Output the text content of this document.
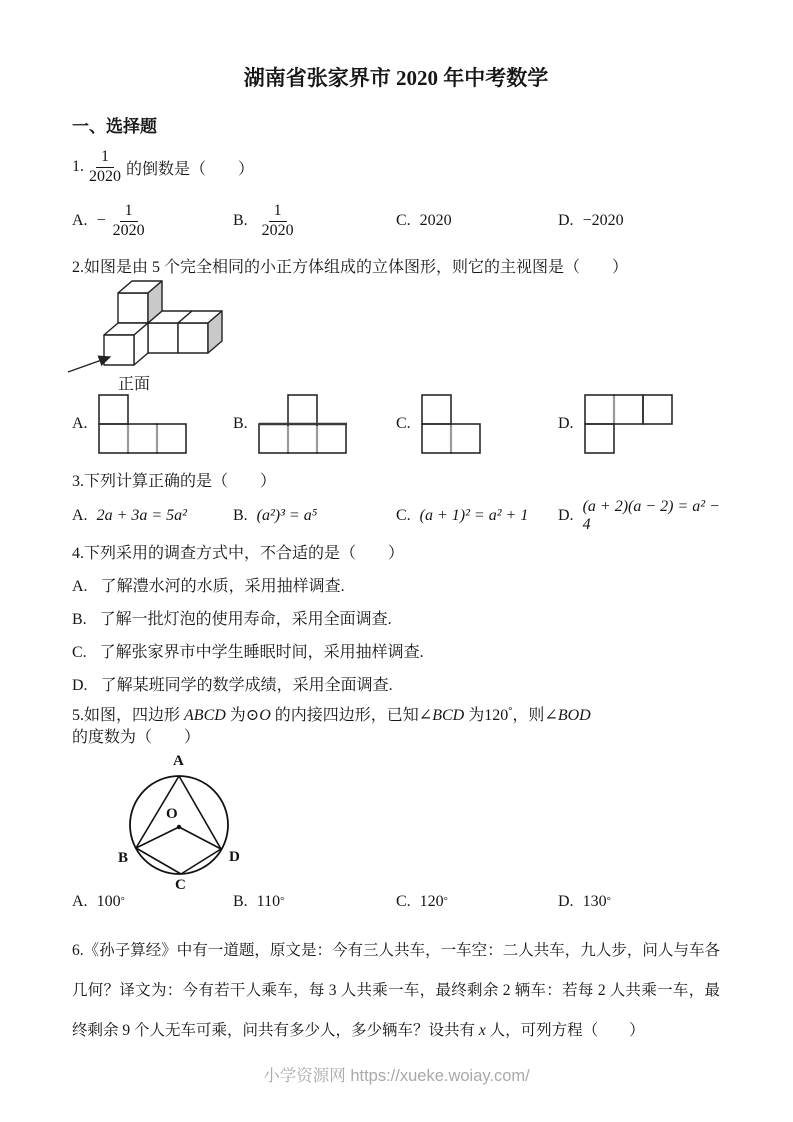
湖南省张家界市 2020 年中考数学
一、选择题
1. $\frac{1}{2020}$ 的倒数是（　　）
A. − $\frac{1}{2020}$	B. $\frac{1}{2020}$	C. 2020	D. −2020
2.如图是由 5 个完全相同的小正方体组成的立体图形，则它的主视图是（　　）
正面
A.	B.	C.	D.
3.下列计算正确的是（　　）
A. 2a + 3a = 5a²	B. (a²)³ = a⁵	C. (a + 1)² = a² + 1 D.
(a + 2)(a − 2) = a² − 4
4.下列采用的调查方式中，不合适的是（　　）
A. 了解澧水河的水质，采用抽样调查.
B. 了解一批灯泡的使用寿命，采用全面调查.
C. 了解张家界市中学生睡眠时间，采用抽样调查.
D. 了解某班同学的数学成绩，采用全面调查.
5.如图，四边形 ABCD 为⊙O 的内接四边形，已知∠BCD 为120°，则∠BOD 的度数为（　　）
A
O
B
C
D
A. 100 °	B. 110 °	C. 120 °	D. 130 °
6.《孙子算经》中有一道题，原文是：今有三人共车，一车空：二人共车，九人步，问人与车各几何？译文为：今有若干人乘车，每 3 人共乘一车，最终剩余 2 辆车：若每 2 人共乘一车，最终剩余 9 个人无车可乘，问共有多少人，多少辆车？设共有 x 人，可列方程（　　）
小学资源网 https://xueke.woiay.com/
